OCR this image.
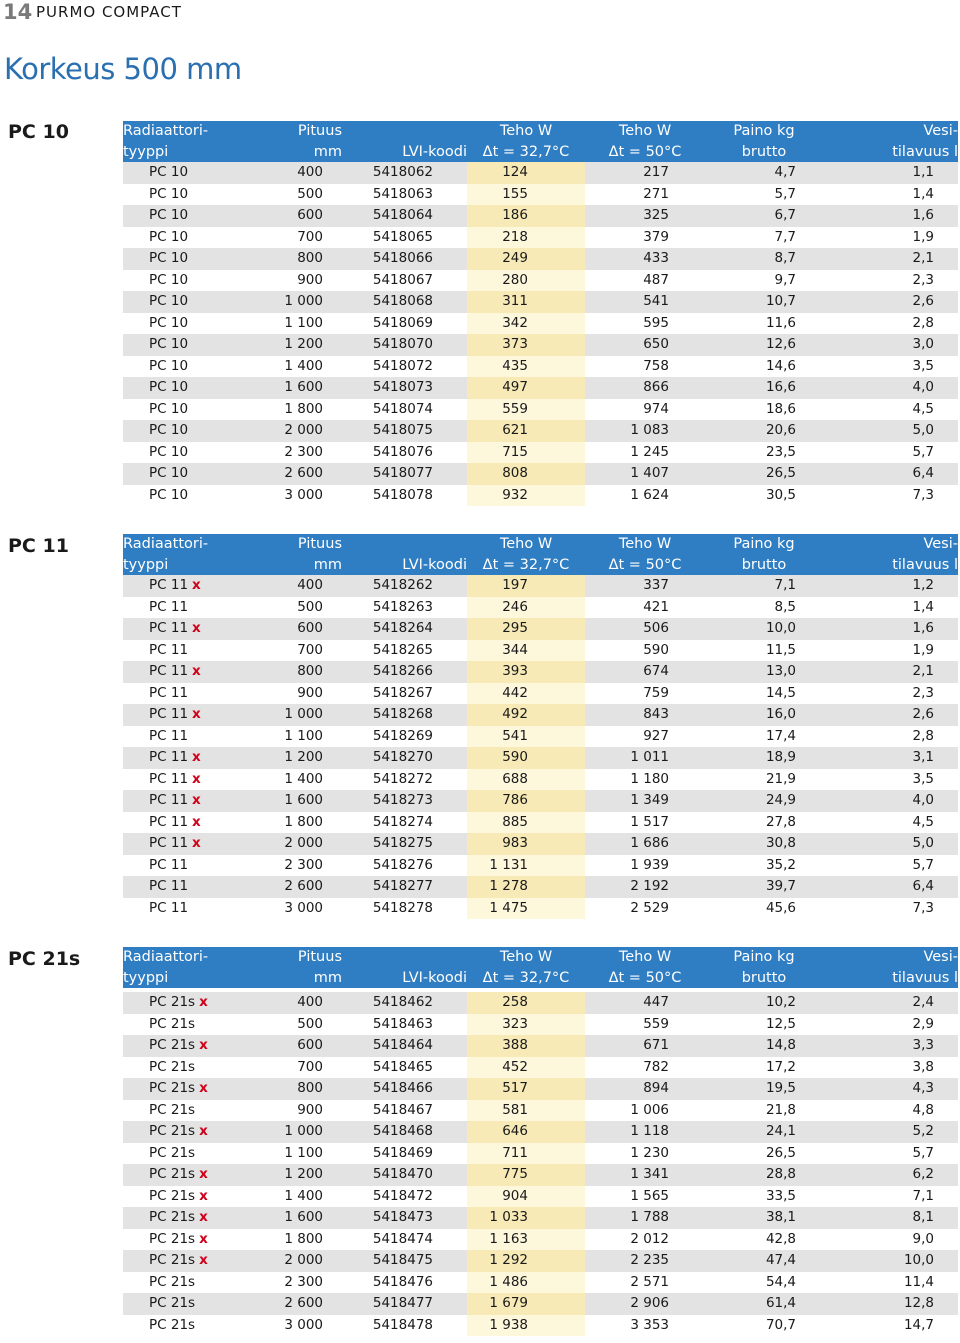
14 PURMO COMPACT
Korkeus 500 mm
PC 10	Radiaattori-	Pituus		Teho W	Teho W	Paino kg	Vesi-
tyyppi	mm	LVI-koodi	Δt = 32,7°C	Δt = 50°C	brutto	tilavuus l
PC 10	400	5418062	124	217	4,7	1,1
PC 10	500	5418063	155	271	5,7	1,4
PC 10	600	5418064	186	325	6,7	1,6
PC 10	700	5418065	218	379	7,7	1,9
PC 10	800	5418066	249	433	8,7	2,1
PC 10	900	5418067	280	487	9,7	2,3
PC 10	1 000	5418068	311	541	10,7	2,6
PC 10	1 100	5418069	342	595	11,6	2,8
PC 10	1 200	5418070	373	650	12,6	3,0
PC 10	1 400	5418072	435	758	14,6	3,5
PC 10	1 600	5418073	497	866	16,6	4,0
PC 10	1 800	5418074	559	974	18,6	4,5
PC 10	2 000	5418075	621	1 083	20,6	5,0
PC 10	2 300	5418076	715	1 245	23,5	5,7
PC 10	2 600	5418077	808	1 407	26,5	6,4
PC 10	3 000	5418078	932	1 624	30,5	7,3
PC 11	Radiaattori-	Pituus		Teho W	Teho W	Paino kg	Vesi-
tyyppi	mm	LVI-koodi	Δt = 32,7°C	Δt = 50°C	brutto	tilavuus l
PC 11 x	400	5418262	197	337	7,1	1,2
PC 11	500	5418263	246	421	8,5	1,4
PC 11 x	600	5418264	295	506	10,0	1,6
PC 11	700	5418265	344	590	11,5	1,9
PC 11 x	800	5418266	393	674	13,0	2,1
PC 11	900	5418267	442	759	14,5	2,3
PC 11 x	1 000	5418268	492	843	16,0	2,6
PC 11	1 100	5418269	541	927	17,4	2,8
PC 11 x	1 200	5418270	590	1 011	18,9	3,1
PC 11 x	1 400	5418272	688	1 180	21,9	3,5
PC 11 x	1 600	5418273	786	1 349	24,9	4,0
PC 11 x	1 800	5418274	885	1 517	27,8	4,5
PC 11 x	2 000	5418275	983	1 686	30,8	5,0
PC 11	2 300	5418276	1 131	1 939	35,2	5,7
PC 11	2 600	5418277	1 278	2 192	39,7	6,4
PC 11	3 000	5418278	1 475	2 529	45,6	7,3
PC 21s	Radiaattori-	Pituus		Teho W	Teho W	Paino kg	Vesi-
tyyppi	mm	LVI-koodi	Δt = 32,7°C	Δt = 50°C	brutto	tilavuus l

PC 21s x	400	5418462	258	447	10,2	2,4
PC 21s	500	5418463	323	559	12,5	2,9
PC 21s x	600	5418464	388	671	14,8	3,3
PC 21s	700	5418465	452	782	17,2	3,8
PC 21s x	800	5418466	517	894	19,5	4,3
PC 21s	900	5418467	581	1 006	21,8	4,8
PC 21s x	1 000	5418468	646	1 118	24,1	5,2
PC 21s	1 100	5418469	711	1 230	26,5	5,7
PC 21s x	1 200	5418470	775	1 341	28,8	6,2
PC 21s x	1 400	5418472	904	1 565	33,5	7,1
PC 21s x	1 600	5418473	1 033	1 788	38,1	8,1
PC 21s x	1 800	5418474	1 163	2 012	42,8	9,0
PC 21s x	2 000	5418475	1 292	2 235	47,4	10,0
PC 21s	2 300	5418476	1 486	2 571	54,4	11,4
PC 21s	2 600	5418477	1 679	2 906	61,4	12,8
PC 21s	3 000	5418478	1 938	3 353	70,7	14,7
